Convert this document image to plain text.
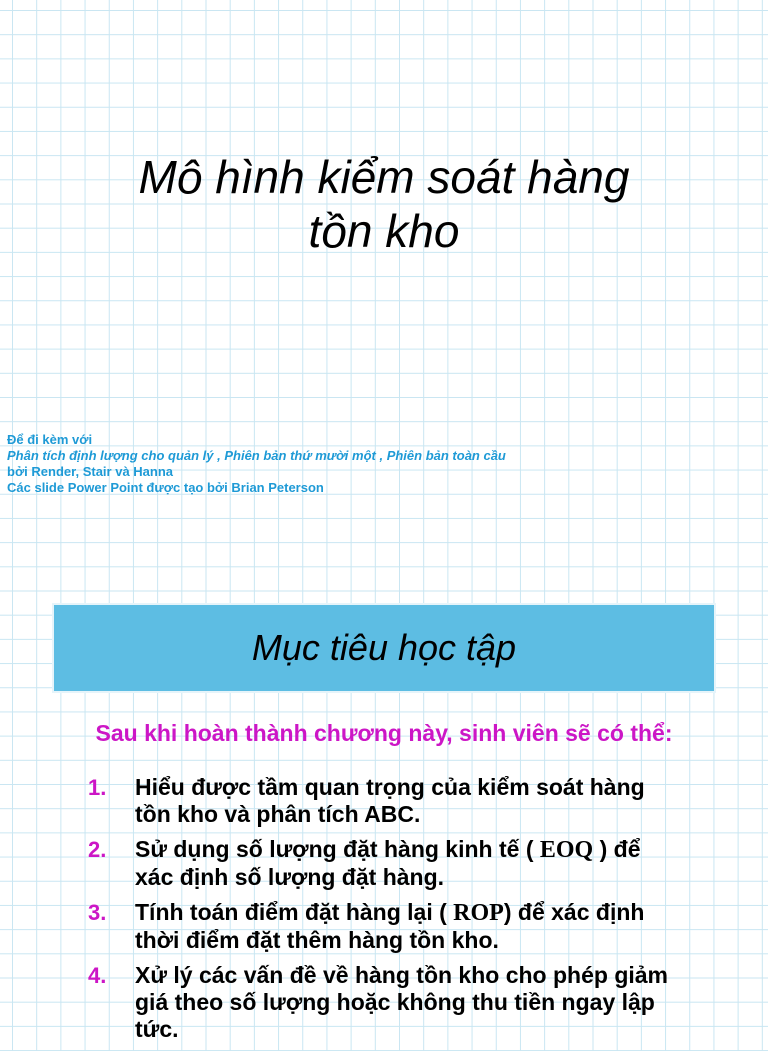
Mô hình kiểm soát hàng
tồn kho
Để đi kèm với
Phân tích định lượng cho quản lý , Phiên bản thứ mười một , Phiên bản toàn cầu
bởi Render, Stair và Hanna
Các slide Power Point được tạo bởi Brian Peterson
Mục tiêu học tập
Sau khi hoàn thành chương này, sinh viên sẽ có thể:
1.	Hiểu được tầm quan trọng của kiểm soát hàng tồn kho và phân tích ABC.
2.	Sử dụng số lượng đặt hàng kinh tế ( EOQ ) để xác định số lượng đặt hàng.
3.	Tính toán điểm đặt hàng lại ( ROP) để xác định thời điểm đặt thêm hàng tồn kho.
4.	Xử lý các vấn đề về hàng tồn kho cho phép giảm giá theo số lượng hoặc không thu tiền ngay lập tức.
